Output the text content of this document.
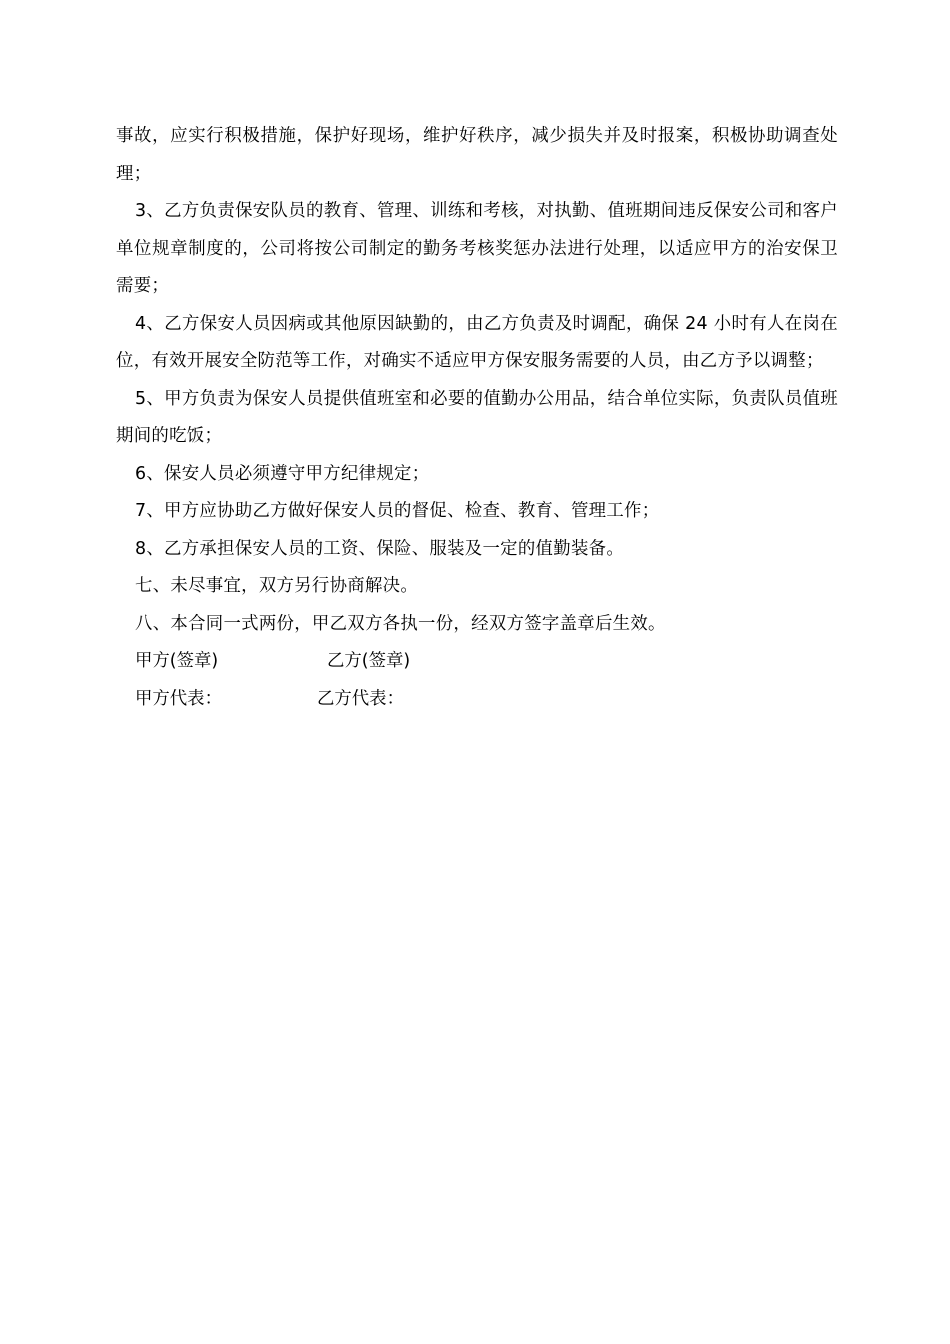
事故，应实行积极措施，保护好现场，维护好秩序，减少损失并及时报案，积极协助调查处理；

3、乙方负责保安队员的教育、管理、训练和考核，对执勤、值班期间违反保安公司和客户单位规章制度的，公司将按公司制定的勤务考核奖惩办法进行处理，以适应甲方的治安保卫需要；

4、乙方保安人员因病或其他原因缺勤的，由乙方负责及时调配，确保 24 小时有人在岗在位，有效开展安全防范等工作，对确实不适应甲方保安服务需要的人员，由乙方予以调整；

5、甲方负责为保安人员提供值班室和必要的值勤办公用品，结合单位实际，负责队员值班期间的吃饭；

6、保安人员必须遵守甲方纪律规定；

7、甲方应协助乙方做好保安人员的督促、检查、教育、管理工作；

8、乙方承担保安人员的工资、保险、服装及一定的值勤装备。

七、未尽事宜，双方另行协商解决。

八、本合同一式两份，甲乙双方各执一份，经双方签字盖章后生效。

甲方(签章)	乙方(签章)
甲方代表：	乙方代表：
